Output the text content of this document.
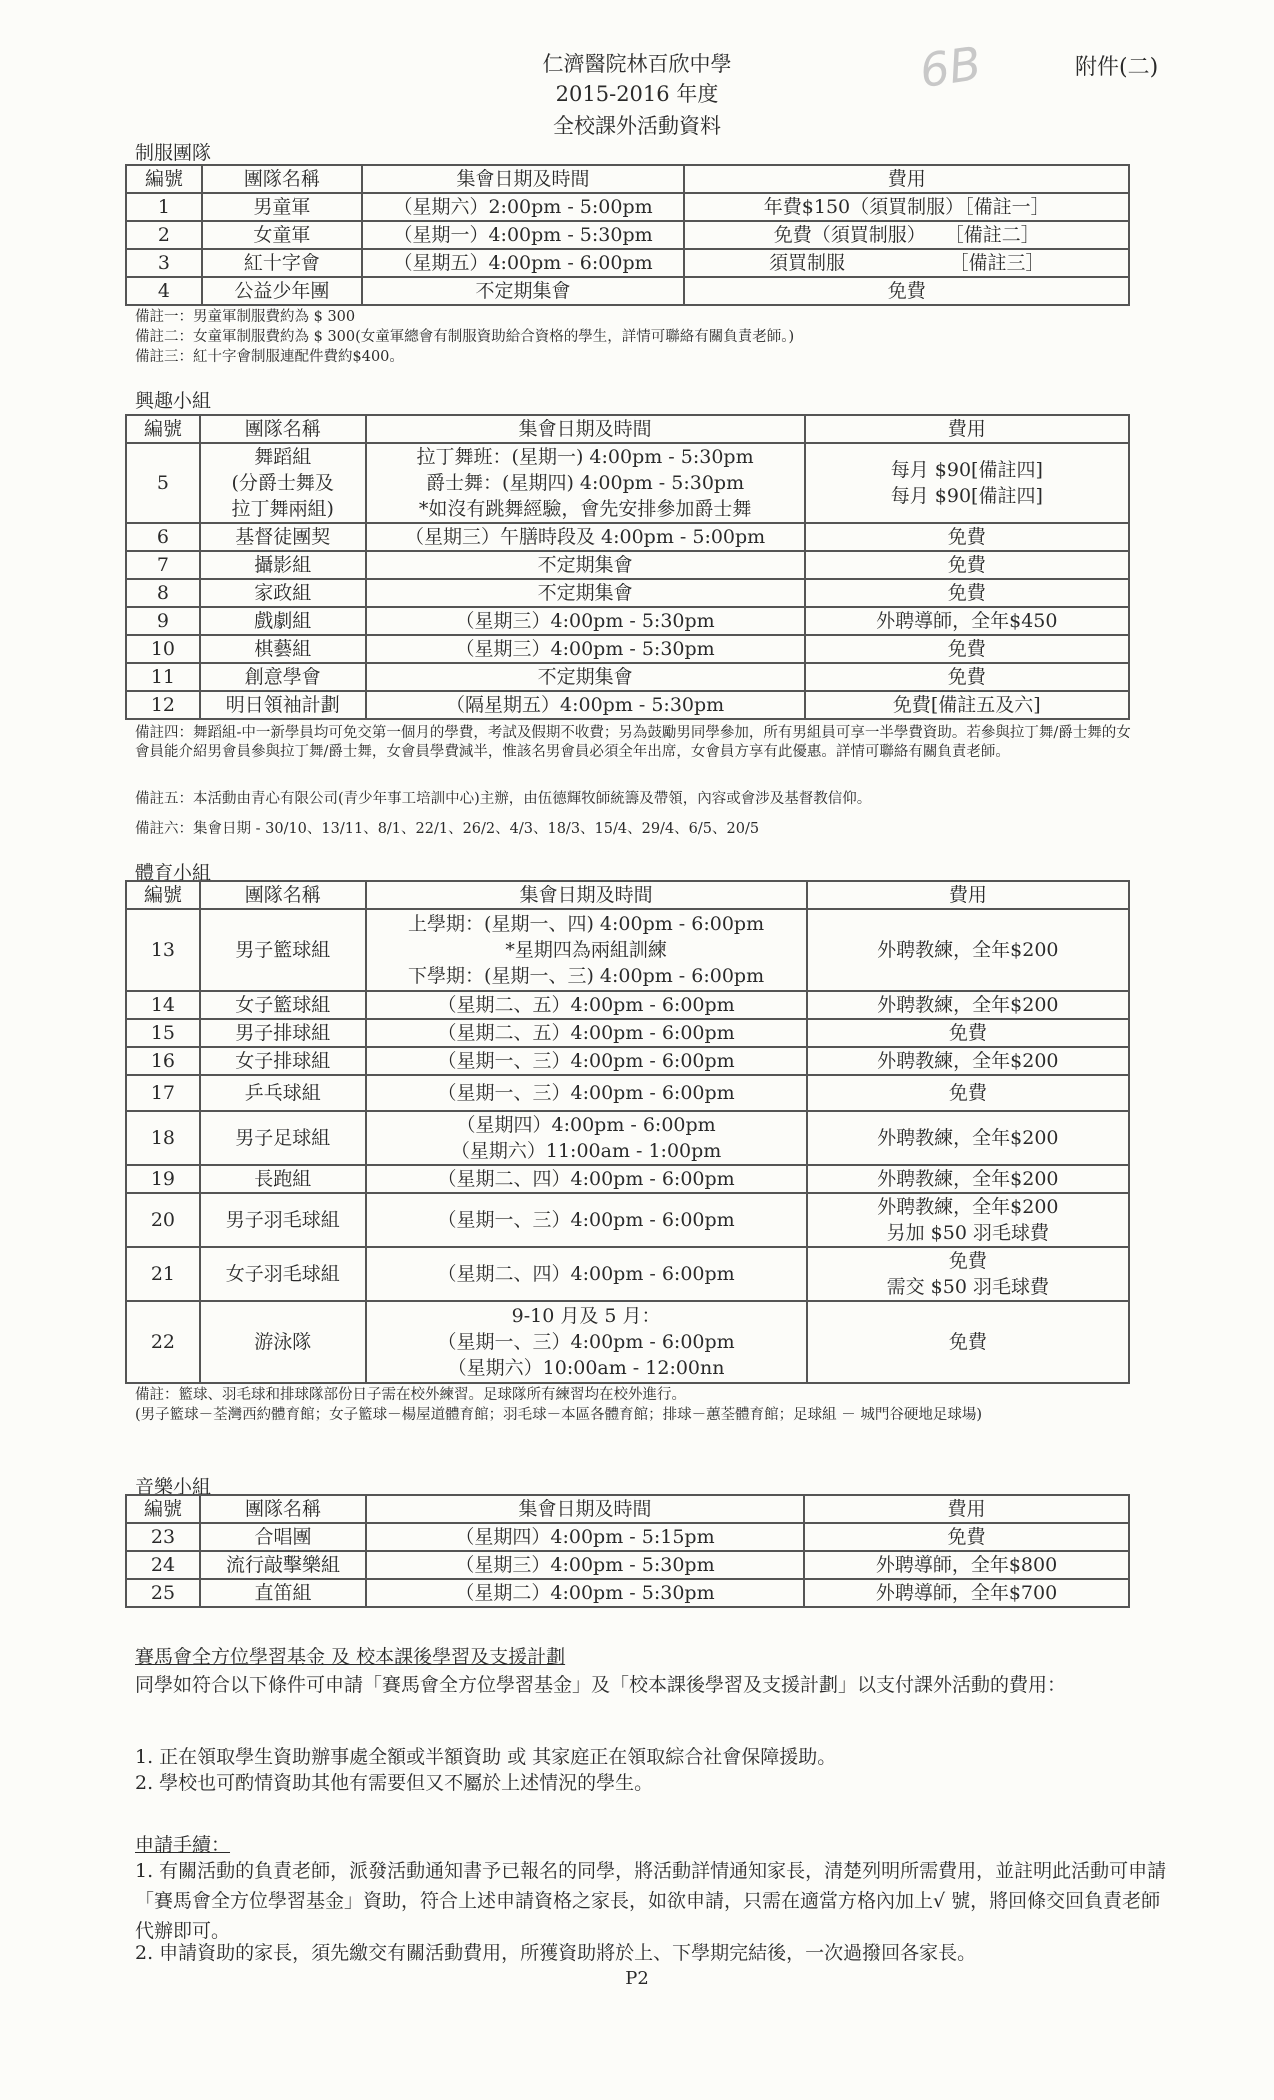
仁濟醫院林百欣中學
2015-2016 年度
全校課外活動資料
附件(二)
6B
制服團隊
編號	團隊名稱	集會日期及時間	費用
1	男童軍	（星期六）2:00pm - 5:00pm	年費$150（須買制服）［備註一］
2	女童軍	（星期一）4:00pm - 5:30pm	免費（須買制服）　　［備註二］
3	紅十字會	（星期五）4:00pm - 6:00pm	須買制服　　　　　　［備註三］
4	公益少年團	不定期集會	免費
備註一：男童軍制服費約為 $ 300
備註二：女童軍制服費約為 $ 300(女童軍總會有制服資助給合資格的學生，詳情可聯絡有關負責老師。)
備註三：紅十字會制服連配件費約$400。
興趣小組
編號	團隊名稱	集會日期及時間	費用
5	舞蹈組
(分爵士舞及
拉丁舞兩組)	拉丁舞班：(星期一) 4:00pm - 5:30pm
爵士舞：(星期四) 4:00pm - 5:30pm
*如沒有跳舞經驗，會先安排參加爵士舞	每月 $90[備註四]
每月 $90[備註四]
6	基督徒團契	（星期三）午膳時段及 4:00pm - 5:00pm	免費
7	攝影組	不定期集會	免費
8	家政組	不定期集會	免費
9	戲劇組	（星期三）4:00pm - 5:30pm	外聘導師，全年$450
10	棋藝組	（星期三）4:00pm - 5:30pm	免費
11	創意學會	不定期集會	免費
12	明日領袖計劃	（隔星期五）4:00pm - 5:30pm	免費[備註五及六]
備註四：舞蹈組-中一新學員均可免交第一個月的學費，考試及假期不收費；另為鼓勵男同學參加，所有男組員可享一半學費資助。若參與拉丁舞/爵士舞的女會員能介紹男會員參與拉丁舞/爵士舞，女會員學費減半，惟該名男會員必須全年出席，女會員方享有此優惠。詳情可聯絡有關負責老師。
備註五：本活動由青心有限公司(青少年事工培訓中心)主辦，由伍德輝牧師統籌及帶領，內容或會涉及基督教信仰。
備註六：集會日期 - 30/10、13/11、8/1、22/1、26/2、4/3、18/3、15/4、29/4、6/5、20/5
體育小組
編號	團隊名稱	集會日期及時間	費用
13	男子籃球組	上學期：(星期一、四) 4:00pm - 6:00pm
*星期四為兩組訓練
下學期：(星期一、三) 4:00pm - 6:00pm	外聘教練，全年$200
14	女子籃球組	（星期二、五）4:00pm - 6:00pm	外聘教練，全年$200
15	男子排球組	（星期二、五）4:00pm - 6:00pm	免費
16	女子排球組	（星期一、三）4:00pm - 6:00pm	外聘教練，全年$200
17	乒乓球組	（星期一、三）4:00pm - 6:00pm	免費
18	男子足球組	（星期四）4:00pm - 6:00pm
（星期六）11:00am - 1:00pm	外聘教練，全年$200
19	長跑組	（星期二、四）4:00pm - 6:00pm	外聘教練，全年$200
20	男子羽毛球組	（星期一、三）4:00pm - 6:00pm	外聘教練，全年$200
另加 $50 羽毛球費
21	女子羽毛球組	（星期二、四）4:00pm - 6:00pm	免費
需交 $50 羽毛球費
22	游泳隊	9-10 月及 5 月：
（星期一、三）4:00pm - 6:00pm
（星期六）10:00am - 12:00nn	免費
備註：籃球、羽毛球和排球隊部份日子需在校外練習。足球隊所有練習均在校外進行。
(男子籃球－荃灣西約體育館；女子籃球－楊屋道體育館；羽毛球－本區各體育館；排球－蕙荃體育館；足球組 － 城門谷硬地足球場)
音樂小組
編號	團隊名稱	集會日期及時間	費用
23	合唱團	（星期四）4:00pm - 5:15pm	免費
24	流行敲擊樂組	（星期三）4:00pm - 5:30pm	外聘導師，全年$800
25	直笛組	（星期二）4:00pm - 5:30pm	外聘導師，全年$700
賽馬會全方位學習基金 及 校本課後學習及支援計劃
同學如符合以下條件可申請「賽馬會全方位學習基金」及「校本課後學習及支援計劃」以支付課外活動的費用：
1. 正在領取學生資助辦事處全額或半額資助 或 其家庭正在領取綜合社會保障援助。
2. 學校也可酌情資助其他有需要但又不屬於上述情況的學生。
申請手續：
1. 有關活動的負責老師，派發活動通知書予已報名的同學，將活動詳情通知家長，清楚列明所需費用，並註明此活動可申請「賽馬會全方位學習基金」資助，符合上述申請資格之家長，如欲申請，只需在適當方格內加上√ 號，將回條交回負責老師代辦即可。
2. 申請資助的家長，須先繳交有關活動費用，所獲資助將於上、下學期完結後，一次過撥回各家長。
P2
